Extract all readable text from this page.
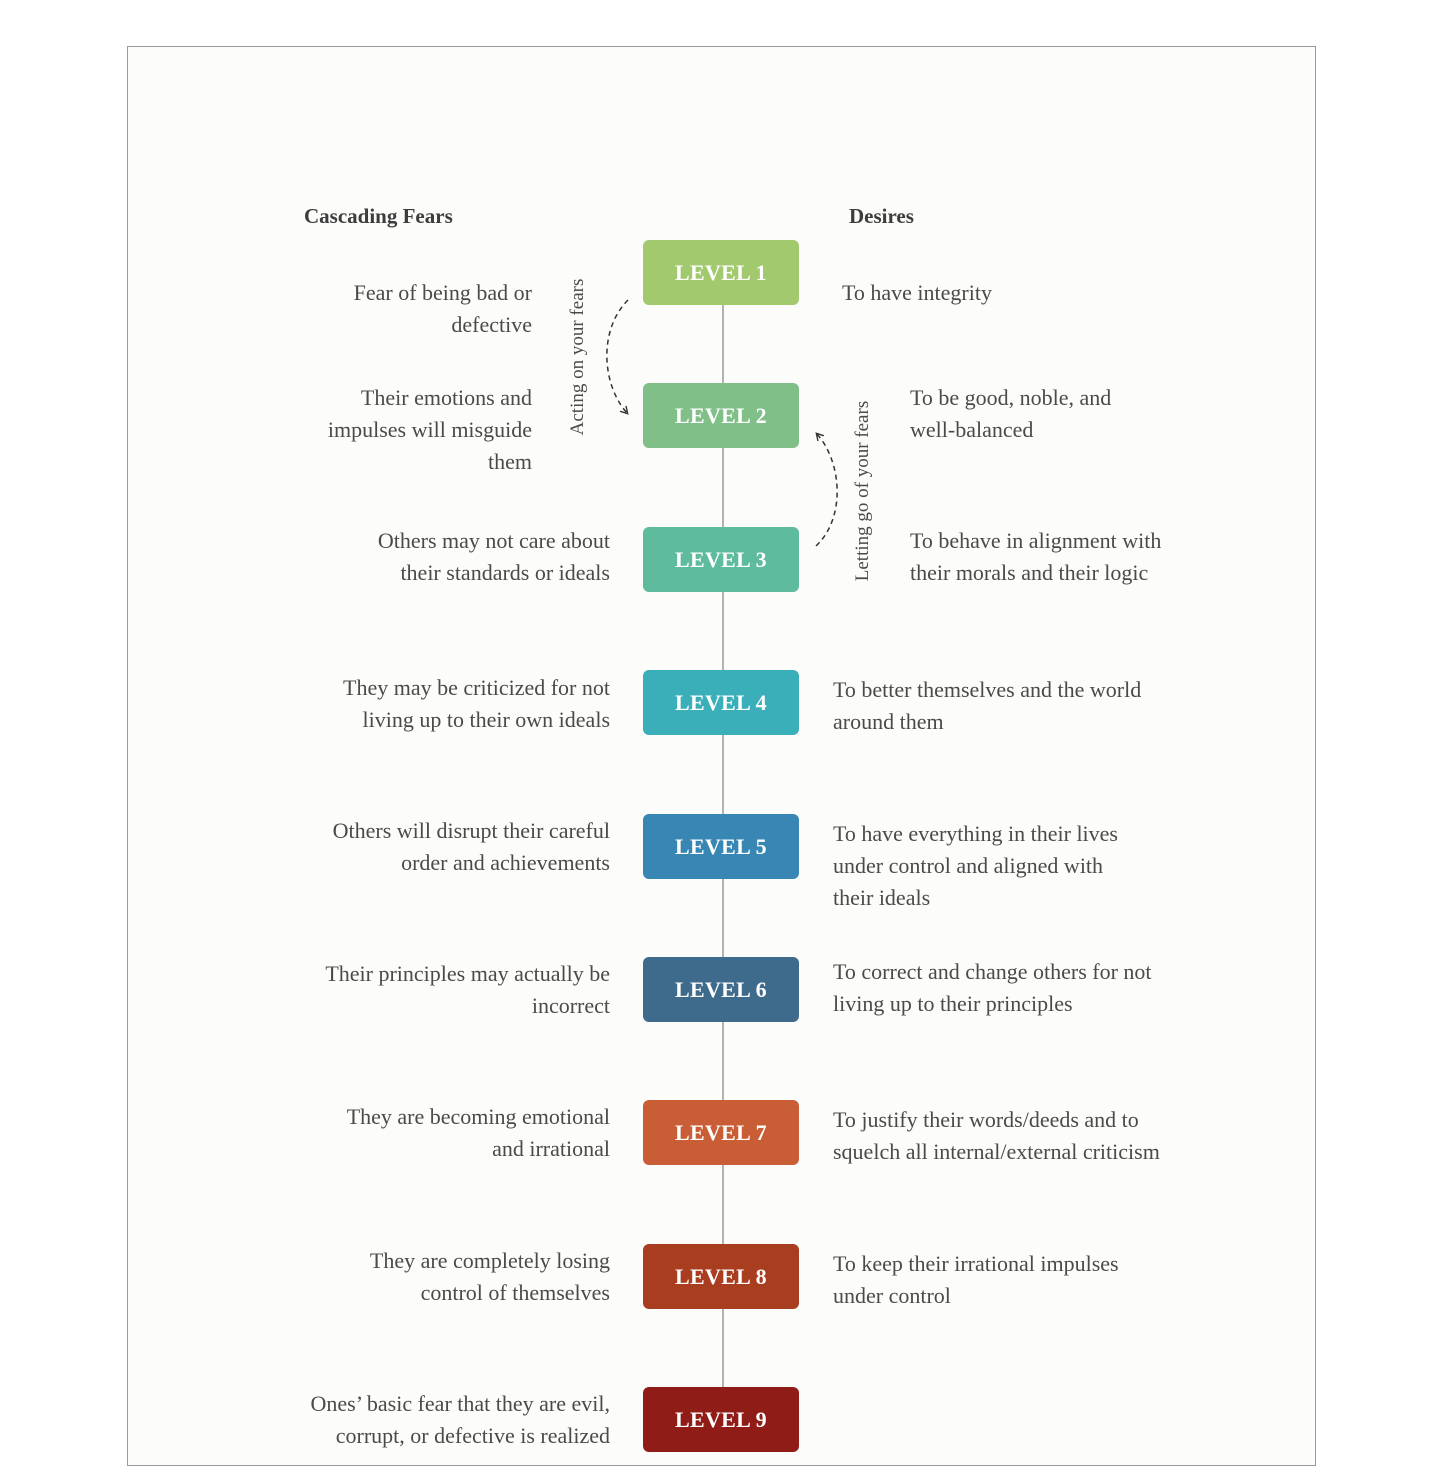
Cascading Fears	Desires
LEVEL 1
LEVEL 2
LEVEL 3
LEVEL 4
LEVEL 5
LEVEL 6
LEVEL 7
LEVEL 8
LEVEL 9
Fear of being bad or defective
Their emotions and impulses will misguide them
Others may not care about their standards or ideals
They may be criticized for not living up to their own ideals
Others will disrupt their careful order and achievements
Their principles may actually be incorrect
They are becoming emotional and irrational
They are completely losing control of themselves
Ones’ basic fear that they are evil, corrupt, or defective is realized
To have integrity
To be good, noble, and well-balanced
To behave in alignment with their morals and their logic
To better themselves and the world around them
To have everything in their lives under control and aligned with their ideals
To correct and change others for not living up to their principles
To justify their words/deeds and to squelch all internal/external criticism
To keep their irrational impulses under control
Acting on your fears
Letting go of your fears
